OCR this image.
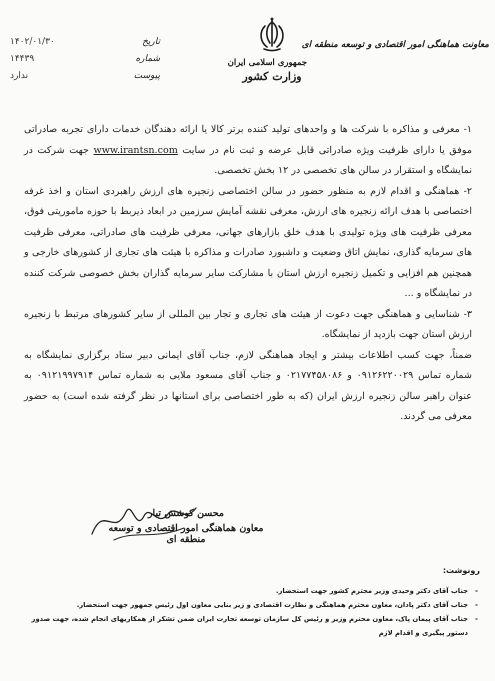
تاریخ
۱۴۰۲/۰۱/۳۰
شماره
۱۴۴۳۹
پیوست
ندارد
جمهوری اسلامی ایران
وزارت کشور
معاونت هماهنگی امور اقتصادی و توسعه منطقه ای

۱- معرفی و مذاکره با شرکت ها و واحدهای تولید کننده برتر کالا یا ارائه دهندگان خدمات دارای تجربه صادراتی موفق یا دارای ظرفیت ویژه صادراتی قابل عرضه و ثبت نام در سایت www.irantsn.com جهت شرکت در نمایشگاه و استقرار در سالن های تخصصی در ۱۲ بخش تخصصی.

۲- هماهنگی و اقدام لازم به منظور حضور در سالن اختصاصی زنجیره های ارزش راهبردی استان و اخذ غرفه اختصاصی با هدف ارائه زنجیره های ارزش، معرفی نقشه آمایش سرزمین در ابعاد ذیربط با حوزه ماموریتی فوق، معرفی ظرفیت های ویژه تولیدی با هدف خلق بازارهای جهانی، معرفی ظرفیت های صادراتی، معرفی ظرفیت های سرمایه گذاری، نمایش اتاق وضعیت و داشبورد صادرات و مذاکره با هیئت های تجاری از کشورهای خارجی و همچنین هم افزایی و تکمیل زنجیره ارزش استان با مشارکت سایر سرمایه گذاران بخش خصوصی شرکت کننده در نمایشگاه و ...

۳- شناسایی و هماهنگی جهت دعوت از هیئت های تجاری و تجار بین المللی از سایر کشورهای مرتبط با زنجیره ارزش استان جهت بازدید از نمایشگاه.

ضمناً، جهت کسب اطلاعات بیشتر و ایجاد هماهنگی لازم، جناب آقای ایمانی دبیر ستاد برگزاری نمایشگاه به شماره تماس ۰۹۱۲۶۲۲۰۰۲۹ و ۰۲۱۷۷۴۵۸۰۸۶ و جناب آقای مسعود ملایی به شماره تماس ۰۹۱۲۱۹۹۷۹۱۴ به عنوان راهبر سالن زنجیره ارزش ایران (که به طور اختصاصی برای استانها در نظر گرفته شده است) به حضور معرفی می گردند.

محسن کوشش تبار
معاون هماهنگی امور اقتصادی و توسعه منطقه ای
رونوشت:
- جناب آقای دکتر وحیدی وزیر محترم کشور جهت استحضار.
- جناب آقای دکتر پادان، معاون محترم هماهنگی و نظارت اقتصادی و زیر بنایی معاون اول رئیس جمهور جهت استحضار.
- جناب آقای پیمان پاک، معاون محترم وزیر و رئیس کل سازمان توسعه تجارت ایران ضمن تشکر از همکاریهای انجام شده، جهت صدور دستور پیگیری و اقدام لازم
